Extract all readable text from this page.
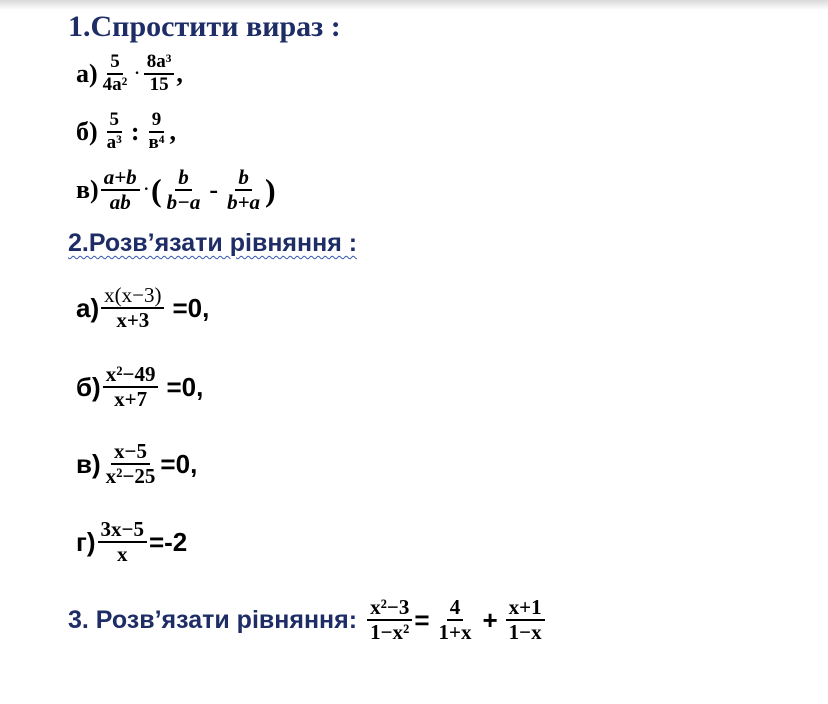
1.Спростити вираз :
$а) \frac{5}{\text{4a²}} \cdot \frac{\text{8a³}}{15}$ ,
$б) \frac{5}{\text{a³}}$ : $\frac{9}{\text{в⁴}}$ ,
$в) \frac{a+b}{ab}$ · ( $\frac{b}{b-a} - \frac{b}{b+a}$ )
2.Розв’язати рівняння :
$а) \frac{x(x-3)}{x+3} =0$,
$б) \frac{\text{x²−49}}{x+7} =0$,
$в) \frac{x-5}{\text{x²−25}} =0$,
$г) \frac{3x-5}{x} =-2$
3. Розв’язати рівняння: $\frac{\text{x²−3}}{\text{1−x²}} = \frac{4}{1+x} + \frac{x+1}{1-x}$
